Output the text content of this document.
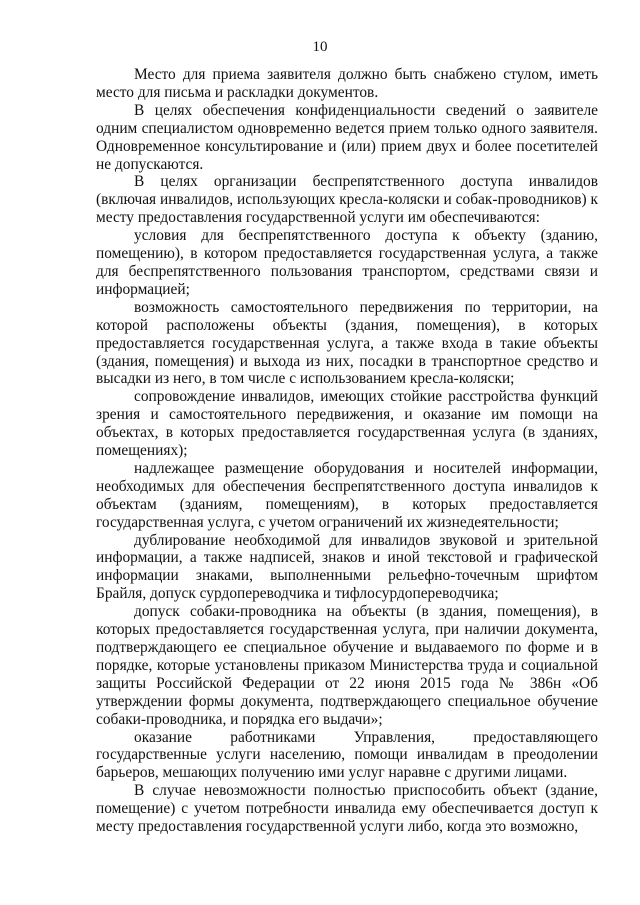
10

Место для приема заявителя должно быть снабжено стулом, иметь место для письма и раскладки документов.

В целях обеспечения конфиденциальности сведений о заявителе одним специалистом одновременно ведется прием только одного заявителя. Одновременное консультирование и (или) прием двух и более посетителей не допускаются.

В целях организации беспрепятственного доступа инвалидов (включая инвалидов, использующих кресла-коляски и собак-проводников) к месту предоставления государственной услуги им обеспечиваются:

условия для беспрепятственного доступа к объекту (зданию, помещению), в котором предоставляется государственная услуга, а также для беспрепятственного пользования транспортом, средствами связи и информацией;

возможность самостоятельного передвижения по территории, на которой расположены объекты (здания, помещения), в которых предоставляется государственная услуга, а также входа в такие объекты (здания, помещения) и выхода из них, посадки в транспортное средство и высадки из него, в том числе с использованием кресла-коляски;

сопровождение инвалидов, имеющих стойкие расстройства функций зрения и самостоятельного передвижения, и оказание им помощи на объектах, в которых предоставляется государственная услуга (в зданиях, помещениях);

надлежащее размещение оборудования и носителей информации, необходимых для обеспечения беспрепятственного доступа инвалидов к объектам (зданиям, помещениям), в которых предоставляется государственная услуга, с учетом ограничений их жизнедеятельности;

дублирование необходимой для инвалидов звуковой и зрительной информации, а также надписей, знаков и иной текстовой и графической информации знаками, выполненными рельефно-точечным шрифтом Брайля, допуск сурдопереводчика и тифлосурдопереводчика;

допуск собаки-проводника на объекты (в здания, помещения), в которых предоставляется государственная услуга, при наличии документа, подтверждающего ее специальное обучение и выдаваемого по форме и в порядке, которые установлены приказом Министерства труда и социальной защиты Российской Федерации от 22 июня 2015 года № 386н «Об утверждении формы документа, подтверждающего специальное обучение собаки-проводника, и порядка его выдачи»;

оказание работниками Управления, предоставляющего государственные услуги населению, помощи инвалидам в преодолении барьеров, мешающих получению ими услуг наравне с другими лицами.

В случае невозможности полностью приспособить объект (здание, помещение) с учетом потребности инвалида ему обеспечивается доступ к месту предоставления государственной услуги либо, когда это возможно,
